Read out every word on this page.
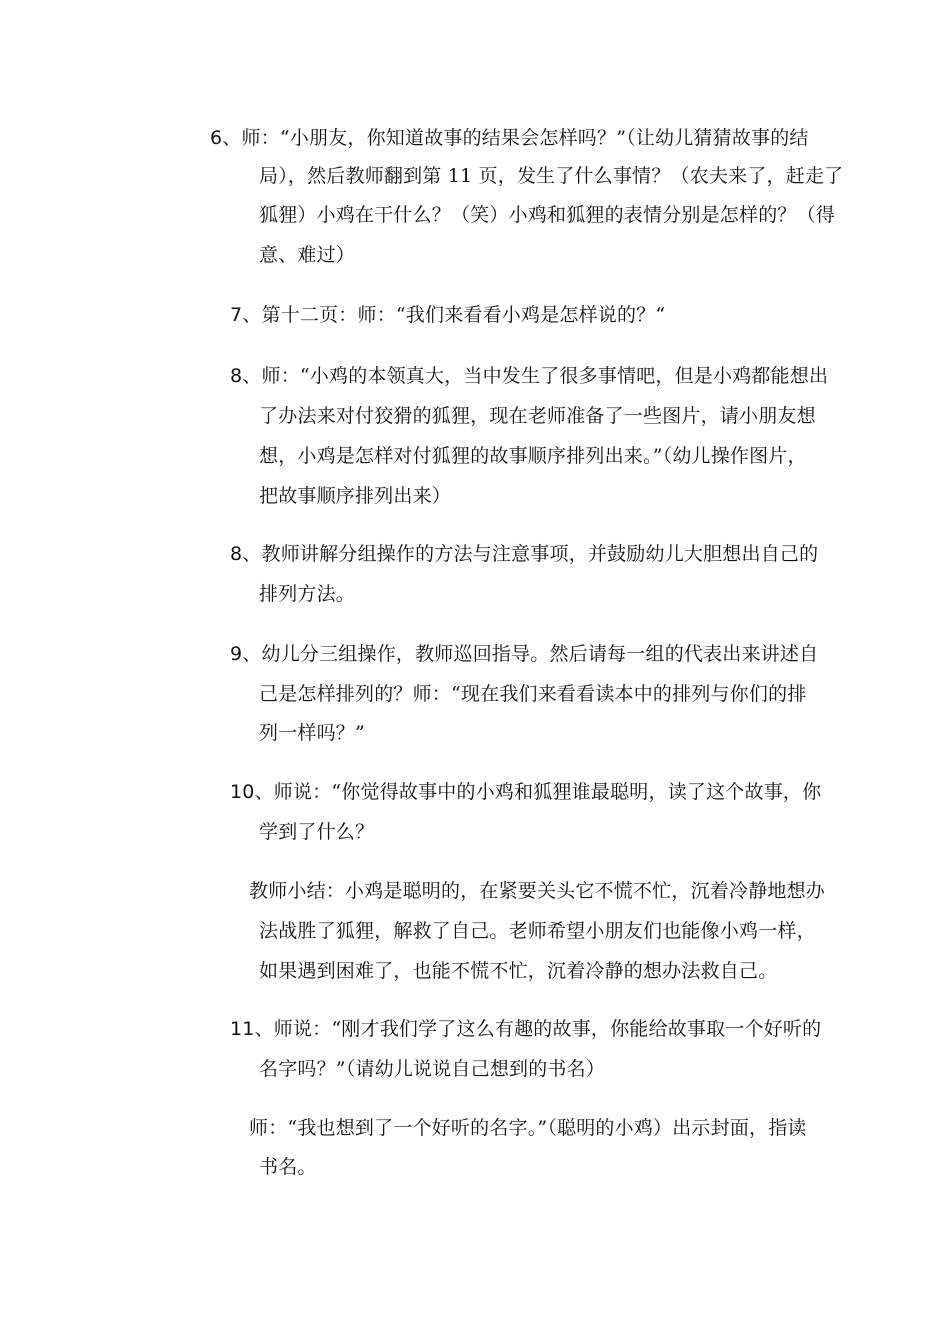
6、师：“小朋友，你知道故事的结果会怎样吗？”（让幼儿猜猜故事的结
局），然后教师翻到第 11 页，发生了什么事情？（农夫来了，赶走了
狐狸）小鸡在干什么？（笑）小鸡和狐狸的表情分别是怎样的？（得
意、难过）
7、第十二页：师：“我们来看看小鸡是怎样说的？“
8、师：“小鸡的本领真大，当中发生了很多事情吧，但是小鸡都能想出
了办法来对付狡猾的狐狸，现在老师准备了一些图片，请小朋友想
想，小鸡是怎样对付狐狸的故事顺序排列出来。”（幼儿操作图片，
把故事顺序排列出来）
8、教师讲解分组操作的方法与注意事项，并鼓励幼儿大胆想出自己的
排列方法。
9、幼儿分三组操作，教师巡回指导。然后请每一组的代表出来讲述自
己是怎样排列的？师：“现在我们来看看读本中的排列与你们的排
列一样吗？”
10、师说：“你觉得故事中的小鸡和狐狸谁最聪明，读了这个故事，你
学到了什么？
教师小结：小鸡是聪明的，在紧要关头它不慌不忙，沉着冷静地想办
法战胜了狐狸，解救了自己。老师希望小朋友们也能像小鸡一样，
如果遇到困难了，也能不慌不忙，沉着冷静的想办法救自己。
11、师说：“刚才我们学了这么有趣的故事，你能给故事取一个好听的
名字吗？”（请幼儿说说自己想到的书名）
师：“我也想到了一个好听的名字。”（聪明的小鸡）出示封面，指读
书名。
